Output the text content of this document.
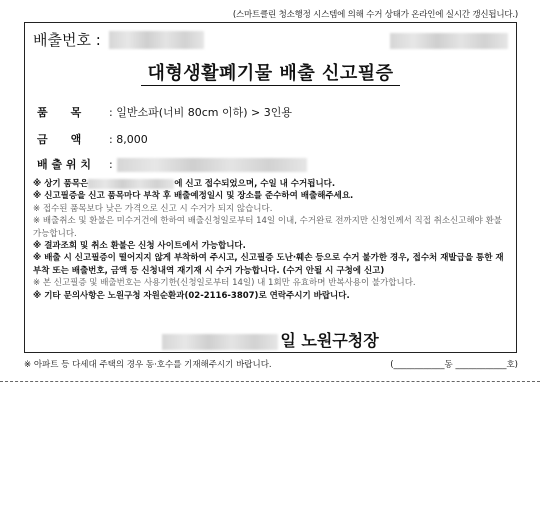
(스마트클린 청소행정 시스템에 의해 수거 상태가 온라인에 실시간 갱신됩니다.)
배출번호 :
대형생활폐기물 배출 신고필증
품      목	: 일반소파(너비 80cm 이하) > 3인용
금      액	: 8,000
배 출 위 치 :

※ 상기 품목은	에 신고 접수되었으며, 수일 내 수거됩니다.

※ 신고필증을 신고 품목마다 부착 후 배출예정일시 및 장소를 준수하여 배출해주세요.

※ 접수된 품목보다 낮은 가격으로 신고 시 수거가 되지 않습니다.

※ 배출취소 및 환불은 미수거건에 한하여 배출신청일로부터 14일 이내, 수거완료 전까지만 신청인께서 직접 취소신고해야 환불 가능합니다.

※ 결과조회 및 취소 환불은 신청 사이트에서 가능합니다.

※ 배출 시 신고필증이 떨어지지 않게 부착하여 주시고, 신고필증 도난·훼손 등으로 수거 불가한 경우, 접수처 재발급을 통한 재부착 또는 배출번호, 금액 등 신청내역 재기재 시 수거 가능합니다. (수거 안될 시 구청에 신고)

※ 본 신고필증 및 배출번호는 사용기한(신청일로부터 14일) 내 1회만 유효하며 반복사용이 불가합니다.

※ 기타 문의사항은 노원구청 자원순환과(02-2116-3807)로 연락주시기 바랍니다.

일 노원구청장
※ 아파트 등 다세대 주택의 경우 동·호수를 기재해주시기 바랍니다.	(____________동 ____________호)
